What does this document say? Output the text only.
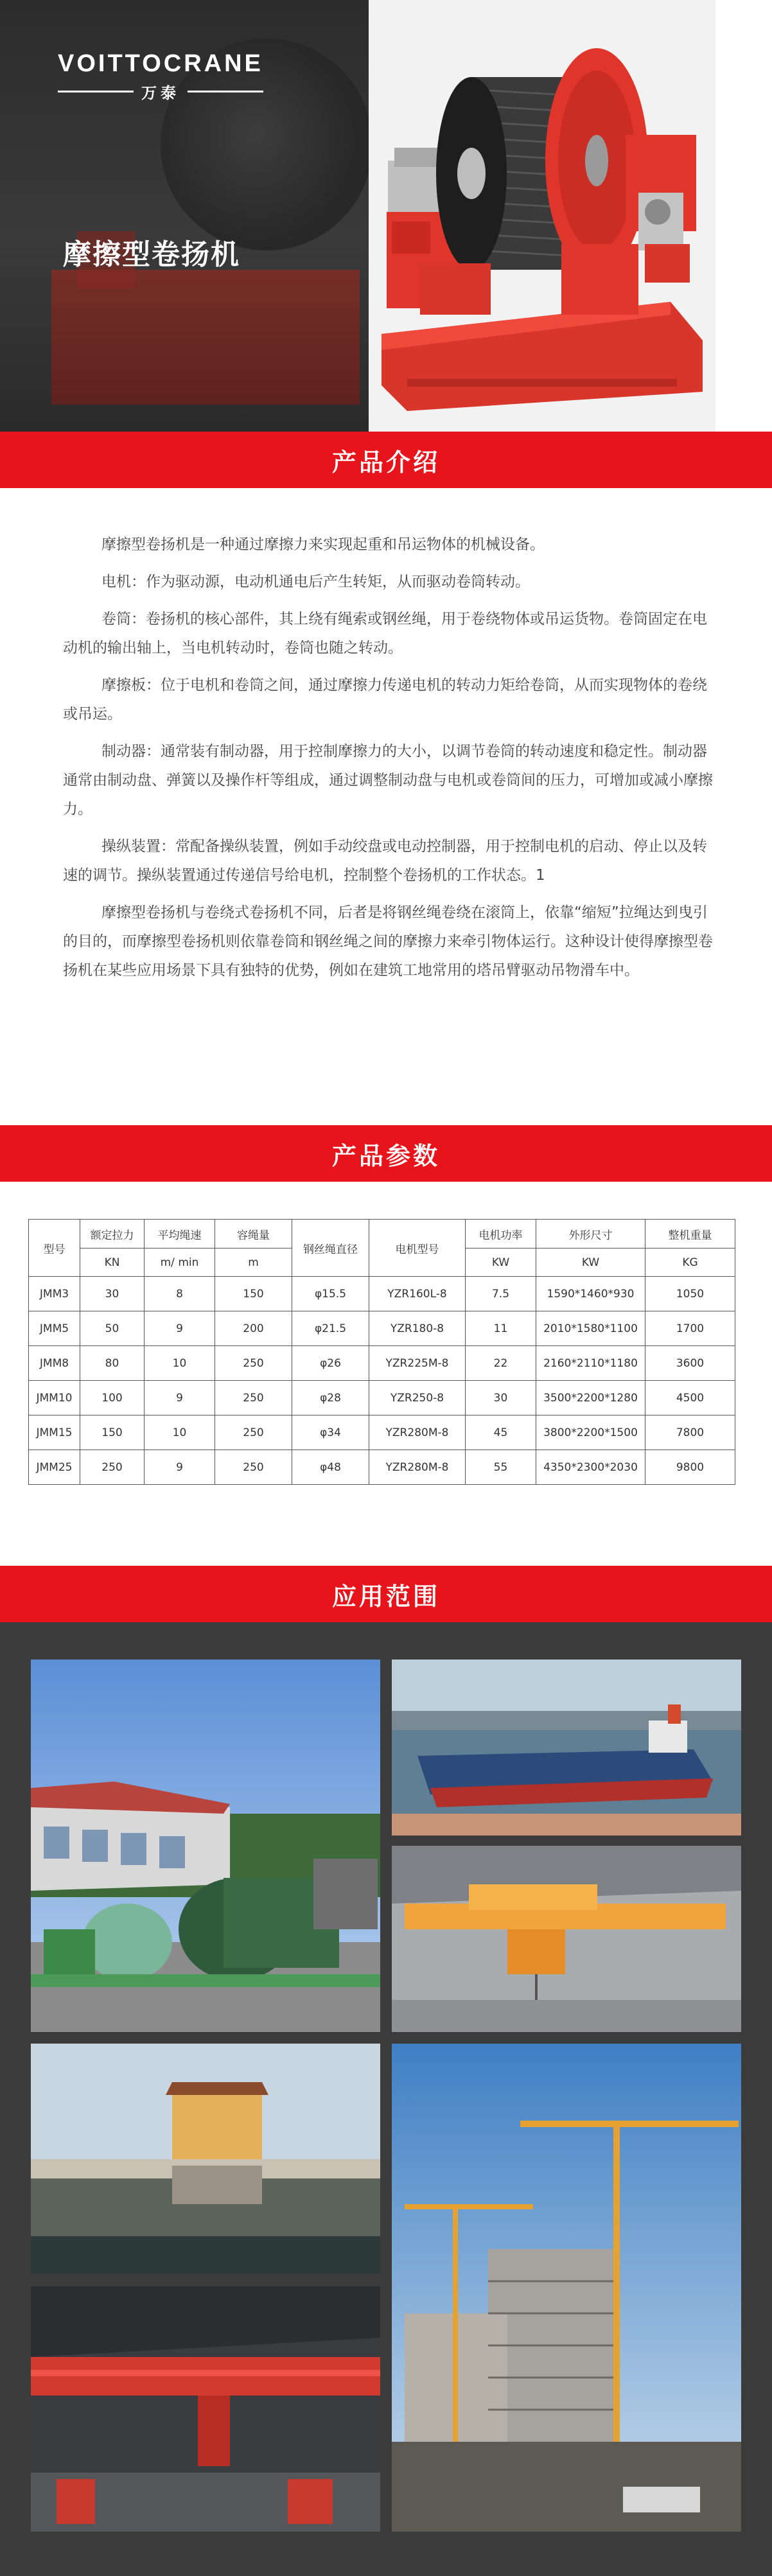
VOITTOCRANE
万泰
摩擦型卷扬机
产品介绍

摩擦型卷扬机是一种通过摩擦力来实现起重和吊运物体的机械设备。

电机：作为驱动源，电动机通电后产生转矩，从而驱动卷筒转动。

卷筒：卷扬机的核心部件，其上绕有绳索或钢丝绳，用于卷绕物体或吊运货物。卷筒固定在电动机的输出轴上，当电机转动时，卷筒也随之转动。

摩擦板：位于电机和卷筒之间，通过摩擦力传递电机的转动力矩给卷筒，从而实现物体的卷绕或吊运。

制动器：通常装有制动器，用于控制摩擦力的大小，以调节卷筒的转动速度和稳定性。制动器通常由制动盘、弹簧以及操作杆等组成，通过调整制动盘与电机或卷筒间的压力，可增加或减小摩擦力。

操纵装置：常配备操纵装置，例如手动绞盘或电动控制器，用于控制电机的启动、停止以及转速的调节。操纵装置通过传递信号给电机，控制整个卷扬机的工作状态。1

摩擦型卷扬机与卷绕式卷扬机不同，后者是将钢丝绳卷绕在滚筒上，依靠“缩短”拉绳达到曳引的目的，而摩擦型卷扬机则依靠卷筒和钢丝绳之间的摩擦力来牵引物体运行。这种设计使得摩擦型卷扬机在某些应用场景下具有独特的优势，例如在建筑工地常用的塔吊臂驱动吊物滑车中。

产品参数
型号	额定拉力	平均绳速	容绳量	钢丝绳直径	电机型号	电机功率	外形尺寸	整机重量
	KN	m/ min	m			KW	KW	KG
JMM3	30	8	150	φ15.5	YZR160L-8	7.5	1590*1460*930	1050
JMM5	50	9	200	φ21.5	YZR180-8	11	2010*1580*1100	1700
JMM8	80	10	250	φ26	YZR225M-8	22	2160*2110*1180	3600
JMM10	100	9	250	φ28	YZR250-8	30	3500*2200*1280	4500
JMM15	150	10	250	φ34	YZR280M-8	45	3800*2200*1500	7800
JMM25	250	9	250	φ48	YZR280M-8	55	4350*2300*2030	9800
应用范围
